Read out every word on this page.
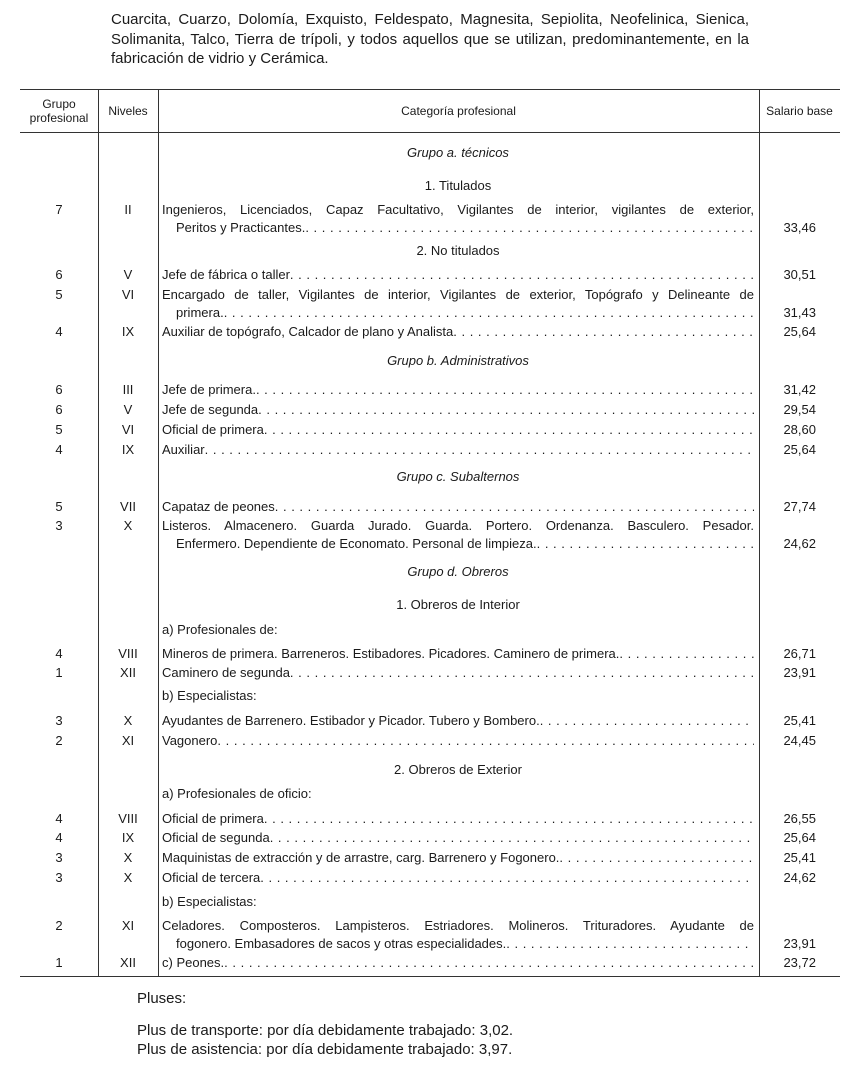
Cuarcita, Cuarzo, Dolomía, Exquisto, Feldespato, Magnesita, Sepiolita, Neofelinica, Sienica, Solimanita, Talco, Tierra de trípoli, y todos aquellos que se utilizan, predominantemente, en la fabricación de vidrio y Cerámica.
Grupo profesional	Niveles	Categoría profesional	Salario base
Grupo a. técnicos
1. Titulados
7	II	Ingenieros, Licenciados, Capaz Facultativo, Vigilantes de interior, vigilantes de exterior,
Peritos y Practicantes. . . .	33,46
2. No titulados
6	V	Jefe de fábrica o taller . . .	30,51
5	VI	Encargado de taller, Vigilantes de interior, Vigilantes de exterior, Topógrafo y Delineante de
primera. . . .	31,43
4	IX	Auxiliar de topógrafo, Calcador de plano y Analista . . .	25,64
Grupo b. Administrativos
6	III	Jefe de primera. . . .	31,42
6	V	Jefe de segunda . . .	29,54
5	VI	Oficial de primera . . .	28,60
4	IX	Auxiliar . . .	25,64
Grupo c. Subalternos
5	VII	Capataz de peones . . .	27,74
3	X	Listeros. Almacenero. Guarda Jurado. Guarda. Portero. Ordenanza. Basculero. Pesador.
Enfermero. Dependiente de Economato. Personal de limpieza. . . .	24,62
Grupo d. Obreros
1. Obreros de Interior
a) Profesionales de:
4	VIII	Mineros de primera. Barreneros. Estibadores. Picadores. Caminero de primera. . . .	26,71
1	XII	Caminero de segunda . . .	23,91
b) Especialistas:
3	X	Ayudantes de Barrenero. Estibador y Picador. Tubero y Bombero. . . .	25,41
2	XI	Vagonero . . .	24,45
2. Obreros de Exterior
a) Profesionales de oficio:
4	VIII	Oficial de primera . . .	26,55
4	IX	Oficial de segunda . . .	25,64
3	X	Maquinistas de extracción y de arrastre, carg. Barrenero y Fogonero. . . .	25,41
3	X	Oficial de tercera . . .	24,62
b) Especialistas:
2	XI	Celadores. Composteros. Lampisteros. Estriadores. Molineros. Trituradores. Ayudante de
fogonero. Embasadores de sacos y otras especialidades. . . .	23,91
1	XII	c) Peones. . . .	23,72
Pluses:
Plus de transporte: por día debidamente trabajado: 3,02.
Plus de asistencia: por día debidamente trabajado: 3,97.
